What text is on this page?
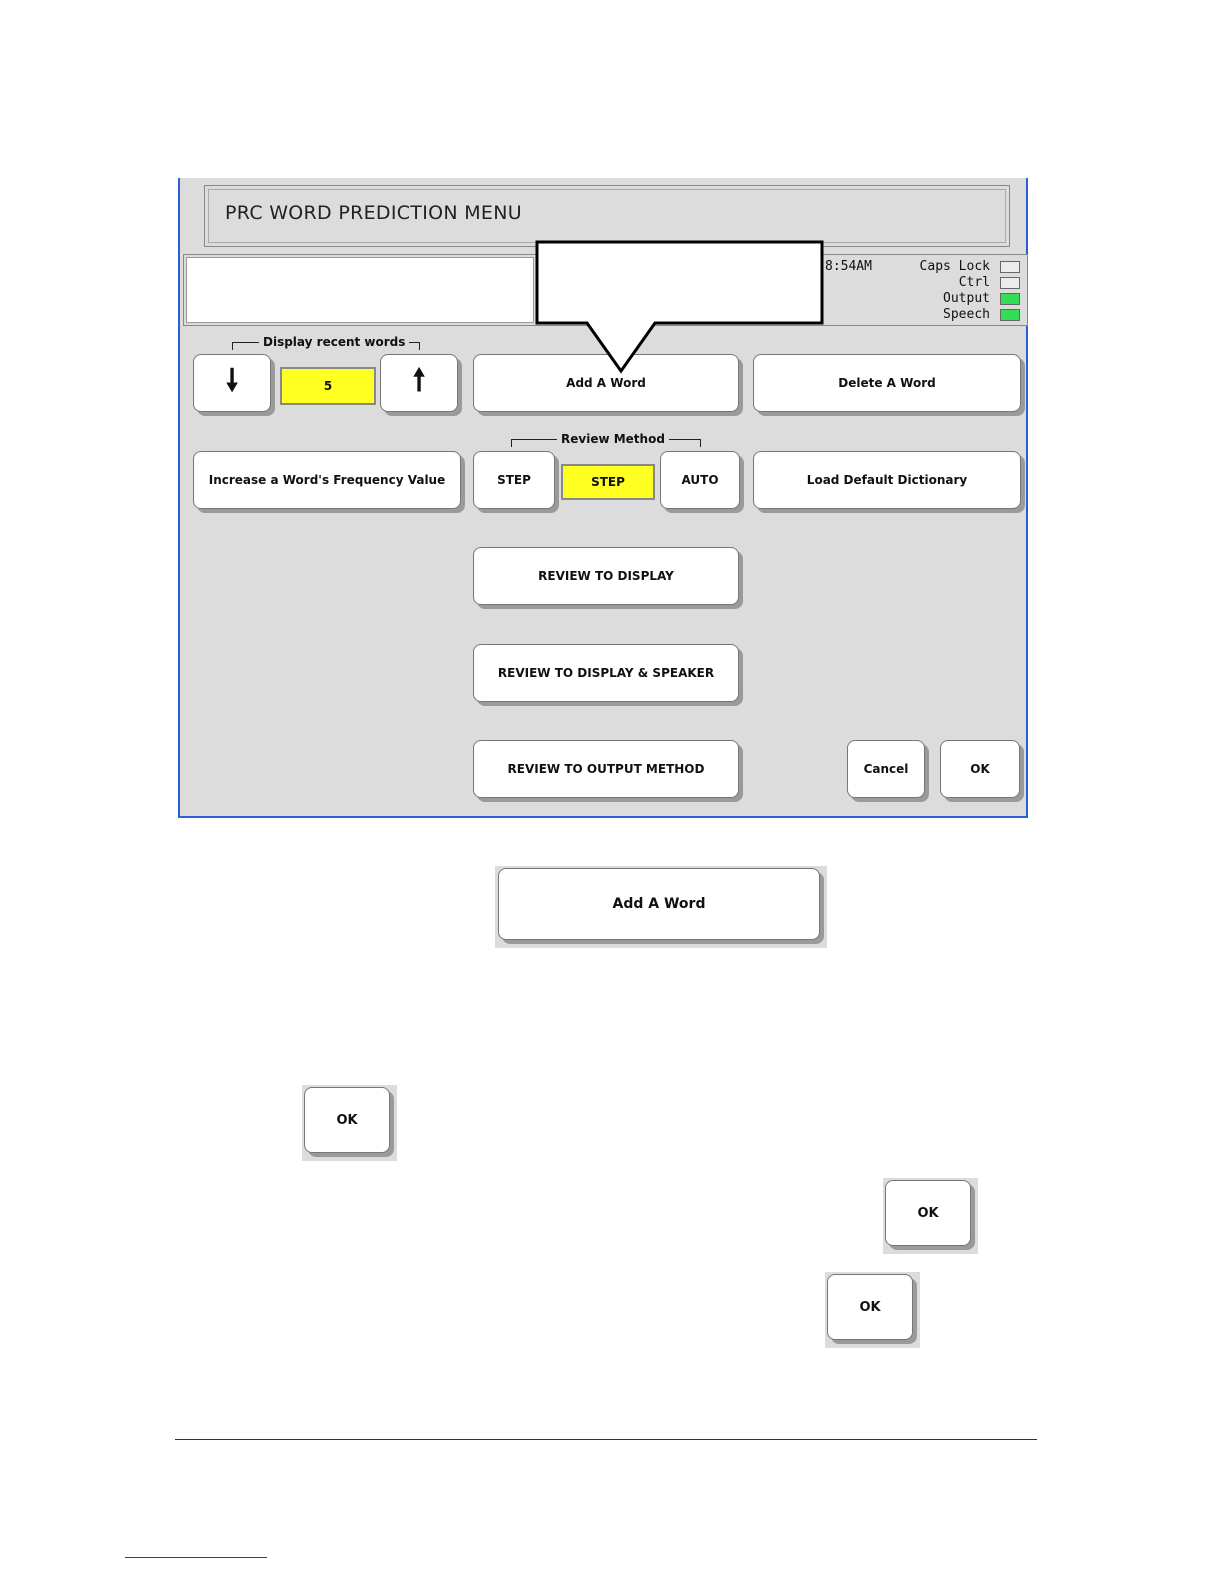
PRC WORD PREDICTION MENU
8:54AM	Caps Lock
Ctrl
Output
Speech
Display recent words
🠗	5	🠕	Add A Word	Delete A Word
Increase a Word's Frequency Value
Review Method
STEP	STEP	AUTO	Load Default Dictionary
REVIEW TO DISPLAY
REVIEW TO DISPLAY & SPEAKER
REVIEW TO OUTPUT METHOD	Cancel	OK
Add A Word
OK
OK
OK
